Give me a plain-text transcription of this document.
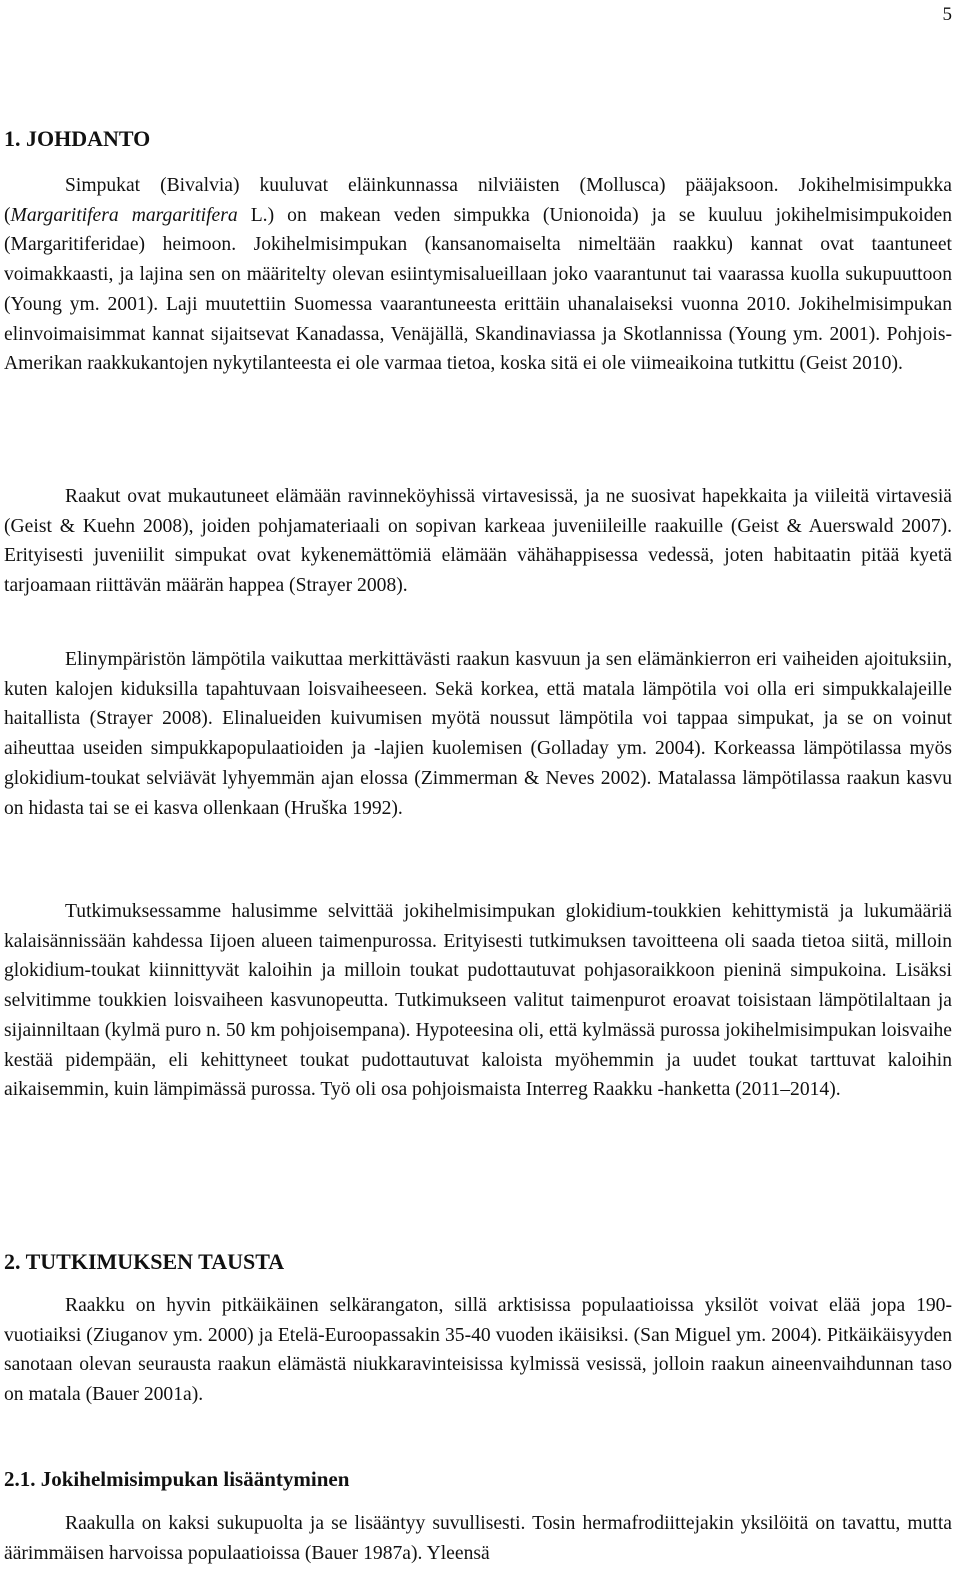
5
1. JOHDANTO

Simpukat (Bivalvia) kuuluvat eläinkunnassa nilviäisten (Mollusca) pääjaksoon. Jokihelmisimpukka (Margaritifera margaritifera L.) on makean veden simpukka (Unionoida) ja se kuuluu jokihelmisimpukoiden (Margaritiferidae) heimoon. Jokihelmisimpukan (kansanomaiselta nimeltään raakku) kannat ovat taantuneet voimakkaasti, ja lajina sen on määritelty olevan esiintymisalueillaan joko vaarantunut tai vaarassa kuolla sukupuuttoon (Young ym. 2001). Laji muutettiin Suomessa vaarantuneesta erittäin uhanalaiseksi vuonna 2010. Jokihelmisimpukan elinvoimaisimmat kannat sijaitsevat Kanadassa, Venäjällä, Skandinaviassa ja Skotlannissa (Young ym. 2001). Pohjois-Amerikan raakkukantojen nykytilanteesta ei ole varmaa tietoa, koska sitä ei ole viimeaikoina tutkittu (Geist 2010).

Raakut ovat mukautuneet elämään ravinneköyhissä virtavesissä, ja ne suosivat hapekkaita ja viileitä virtavesiä (Geist & Kuehn 2008), joiden pohjamateriaali on sopivan karkeaa juveniileille raakuille (Geist & Auerswald 2007). Erityisesti juveniilit simpukat ovat kykenemättömiä elämään vähähappisessa vedessä, joten habitaatin pitää kyetä tarjoamaan riittävän määrän happea (Strayer 2008).

Elinympäristön lämpötila vaikuttaa merkittävästi raakun kasvuun ja sen elämänkierron eri vaiheiden ajoituksiin, kuten kalojen kiduksilla tapahtuvaan loisvaiheeseen. Sekä korkea, että matala lämpötila voi olla eri simpukkalajeille haitallista (Strayer 2008). Elinalueiden kuivumisen myötä noussut lämpötila voi tappaa simpukat, ja se on voinut aiheuttaa useiden simpukkapopulaatioiden ja -lajien kuolemisen (Golladay ym. 2004). Korkeassa lämpötilassa myös glokidium-toukat selviävät lyhyemmän ajan elossa (Zimmerman & Neves 2002). Matalassa lämpötilassa raakun kasvu on hidasta tai se ei kasva ollenkaan (Hruška 1992).

Tutkimuksessamme halusimme selvittää jokihelmisimpukan glokidium-toukkien kehittymistä ja lukumääriä kalaisännissään kahdessa Iijoen alueen taimenpurossa. Erityisesti tutkimuksen tavoitteena oli saada tietoa siitä, milloin glokidium-toukat kiinnittyvät kaloihin ja milloin toukat pudottautuvat pohjasoraikkoon pieninä simpukoina. Lisäksi selvitimme toukkien loisvaiheen kasvunopeutta. Tutkimukseen valitut taimenpurot eroavat toisistaan lämpötilaltaan ja sijainniltaan (kylmä puro n. 50 km pohjoisempana). Hypoteesina oli, että kylmässä purossa jokihelmisimpukan loisvaihe kestää pidempään, eli kehittyneet toukat pudottautuvat kaloista myöhemmin ja uudet toukat tarttuvat kaloihin aikaisemmin, kuin lämpimässä purossa. Työ oli osa pohjoismaista Interreg Raakku -hanketta (2011–2014).

2. TUTKIMUKSEN TAUSTA

Raakku on hyvin pitkäikäinen selkärangaton, sillä arktisissa populaatioissa yksilöt voivat elää jopa 190-vuotiaiksi (Ziuganov ym. 2000) ja Etelä-Euroopassakin 35-40 vuoden ikäisiksi. (San Miguel ym. 2004). Pitkäikäisyyden sanotaan olevan seurausta raakun elämästä niukkaravinteisissa kylmissä vesissä, jolloin raakun aineenvaihdunnan taso on matala (Bauer 2001a).

2.1. Jokihelmisimpukan lisääntyminen

Raakulla on kaksi sukupuolta ja se lisääntyy suvullisesti. Tosin hermafrodiittejakin yksilöitä on tavattu, mutta äärimmäisen harvoissa populaatioissa (Bauer 1987a). Yleensä
